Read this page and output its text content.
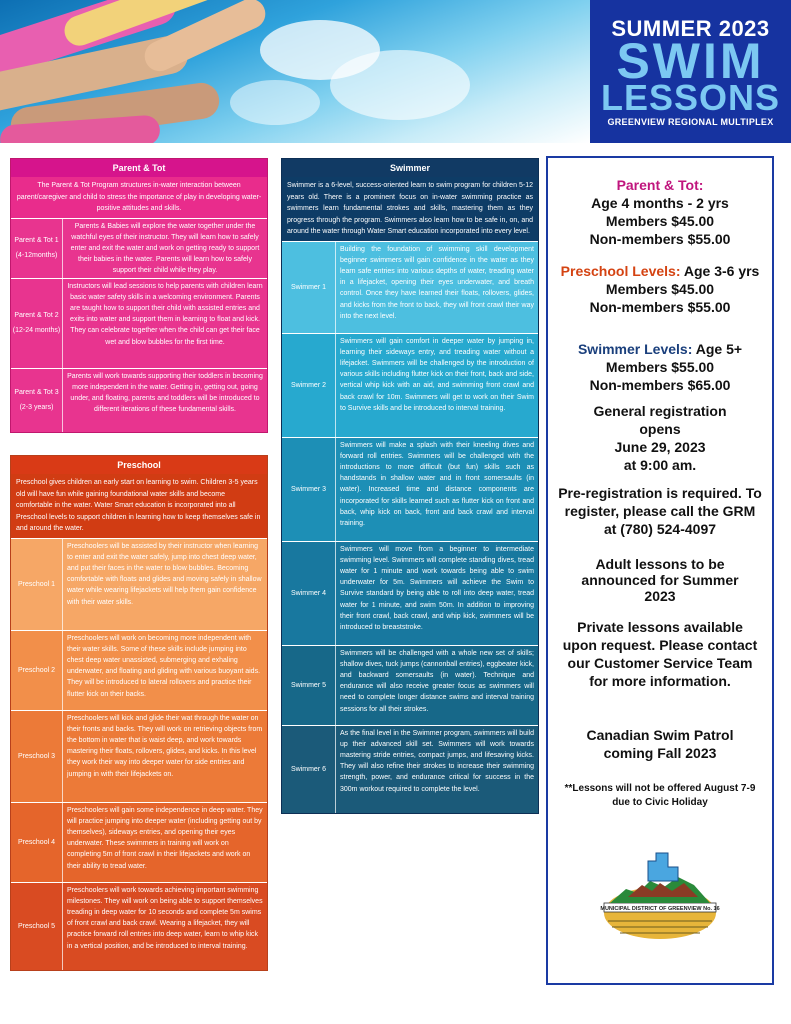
SUMMER 2023
SWIM
LESSONS
GREENVIEW REGIONAL MULTIPLEX
Parent & Tot
The Parent & Tot Program structures in-water interaction between parent/caregiver and child to stress the importance of play in developing water-positive attitudes and skills.
Parent & Tot 1
(4-12months)
Parents & Babies will explore the water together under the watchful eyes of their instructor. They will learn how to safely enter and exit the water and work on getting ready to support their babies in the water. Parents will learn how to safely support their child while they play.
Parent & Tot 2
(12-24 months)
Instructors will lead sessions to help parents with children learn basic water safety skills in a welcoming environment. Parents are taught how to support their child with assisted entries and exits into water and support them in learning to float and kick. They can celebrate together when the child can get their face wet and blow bubbles for the first time.
Parent & Tot 3
(2-3 years)
Parents will work towards supporting their toddlers in becoming more independent in the water. Getting in, getting out, going under, and floating, parents and toddlers will be introduced to different iterations of these fundamental skills.
Preschool
Preschool gives children an early start on learning to swim. Children 3-5 years old will have fun while gaining foundational water skills and become comfortable in the water. Water Smart education is incorporated into all Preschool levels to support children in learning how to keep themselves safe in and around the water.
Preschool 1
Preschoolers will be assisted by their instructor when learning to enter and exit the water safely, jump into chest deep water, and put their faces in the water to blow bubbles. Becoming comfortable with floats and glides and moving safely in shallow water while wearing lifejackets will help them gain confidence with their water skills.
Preschool 2
Preschoolers will work on becoming more independent with their water skills. Some of these skills include jumping into chest deep water unassisted, submerging and exhaling underwater, and floating and gliding with various buoyant aids. They will be introduced to lateral rollovers and practice their flutter kick on their backs.
Preschool 3
Preschoolers will kick and glide their wat through the water on their fronts and backs. They will work on retrieving objects from the bottom in water that is waist deep, and work towards mastering their floats, rollovers, glides, and kicks. In this level they work their way into deeper water for side entries and jumping in with their lifejackets on.
Preschool 4
Preschoolers will gain some independence in deep water. They will practice jumping into deeper water (including getting out by themselves), sideways entries, and opening their eyes underwater. These swimmers in training will work on completing 5m of front crawl in their lifejackets and work on their ability to tread water.
Preschool 5
Preschoolers will work towards achieving important swimming milestones. They will work on being able to support themselves treading in deep water for 10 seconds and complete 5m swims of front crawl and back crawl. Wearing a lifejacket, they will practice forward roll entries into deep water, learn to whip kick in a vertical position, and be introduced to interval training.
Swimmer
Swimmer is a 6-level, success-oriented learn to swim program for children 5-12 years old. There is a prominent focus on in-water swimming practice as swimmers learn fundamental strokes and skills, mastering them as they progress through the program. Swimmers also learn how to be safe in, on, and around the water through Water Smart education incorporated into every level.
Swimmer 1
Building the foundation of swimming skill development beginner swimmers will gain confidence in the water as they learn safe entries into various depths of water, treading water in a lifejacket, opening their eyes underwater, and breath control. Once they have learned their floats, rollovers, glides, and kicks from the front to back, they will front crawl their way into the next level.
Swimmer 2
Swimmers will gain comfort in deeper water by jumping in, learning their sideways entry, and treading water without a lifejacket. Swimmers will be challenged by the introduction of various skills including flutter kick on their front, back and side, vertical whip kick with an aid, and swimming front crawl and back crawl for 10m. Swimmers will get to work on their Swim to Survive skills and be introduced to interval training.
Swimmer 3
Swimmers will make a splash with their kneeling dives and forward roll entries. Swimmers will be challenged with the introductions to more difficult (but fun) skills such as handstands in shallow water and in front somersaults (in water). Increased time and distance components are incorporated for skills learned such as flutter kick on front and back, whip kick on back, front and back crawl and interval training.
Swimmer 4
Swimmers will move from a beginner to intermediate swimming level. Swimmers will complete standing dives, tread water for 1 minute and work towards being able to swim underwater for 5m. Swimmers will achieve the Swim to Survive standard by being able to roll into deep water, tread water for 1 minute, and swim 50m. In addition to improving their front crawl, back crawl, and whip kick, swimmers will be introduced to breaststroke.
Swimmer 5
Swimmers will be challenged with a whole new set of skills; shallow dives, tuck jumps (cannonball entries), eggbeater kick, and backward somersaults (in water). Technique and endurance will also receive greater focus as swimmers will need to complete longer distance swims and interval training sessions for all their strokes.
Swimmer 6
As the final level in the Swimmer program, swimmers will build up their advanced skill set. Swimmers will work towards mastering stride entries, compact jumps, and lifesaving kicks. They will also refine their strokes to increase their swimming strength, power, and endurance critical for success in the 300m workout required to complete the level.
Parent & Tot:
Age 4 months - 2 yrs
Members $45.00
Non-members $55.00
Preschool Levels: Age 3-6 yrs
Members $45.00
Non-members $55.00
Swimmer Levels: Age 5+
Members $55.00
Non-members $65.00
General registration
opens
June 29, 2023
at 9:00 am.
Pre-registration is required. To register, please call the GRM at (780) 524-4097
Adult lessons to be announced for Summer 2023
Private lessons available upon request. Please contact our Customer Service Team for more information.
Canadian Swim Patrol coming Fall 2023
**Lessons will not be offered August 7-9 due to Civic Holiday
MUNICIPAL DISTRICT OF GREENVIEW No. 16
